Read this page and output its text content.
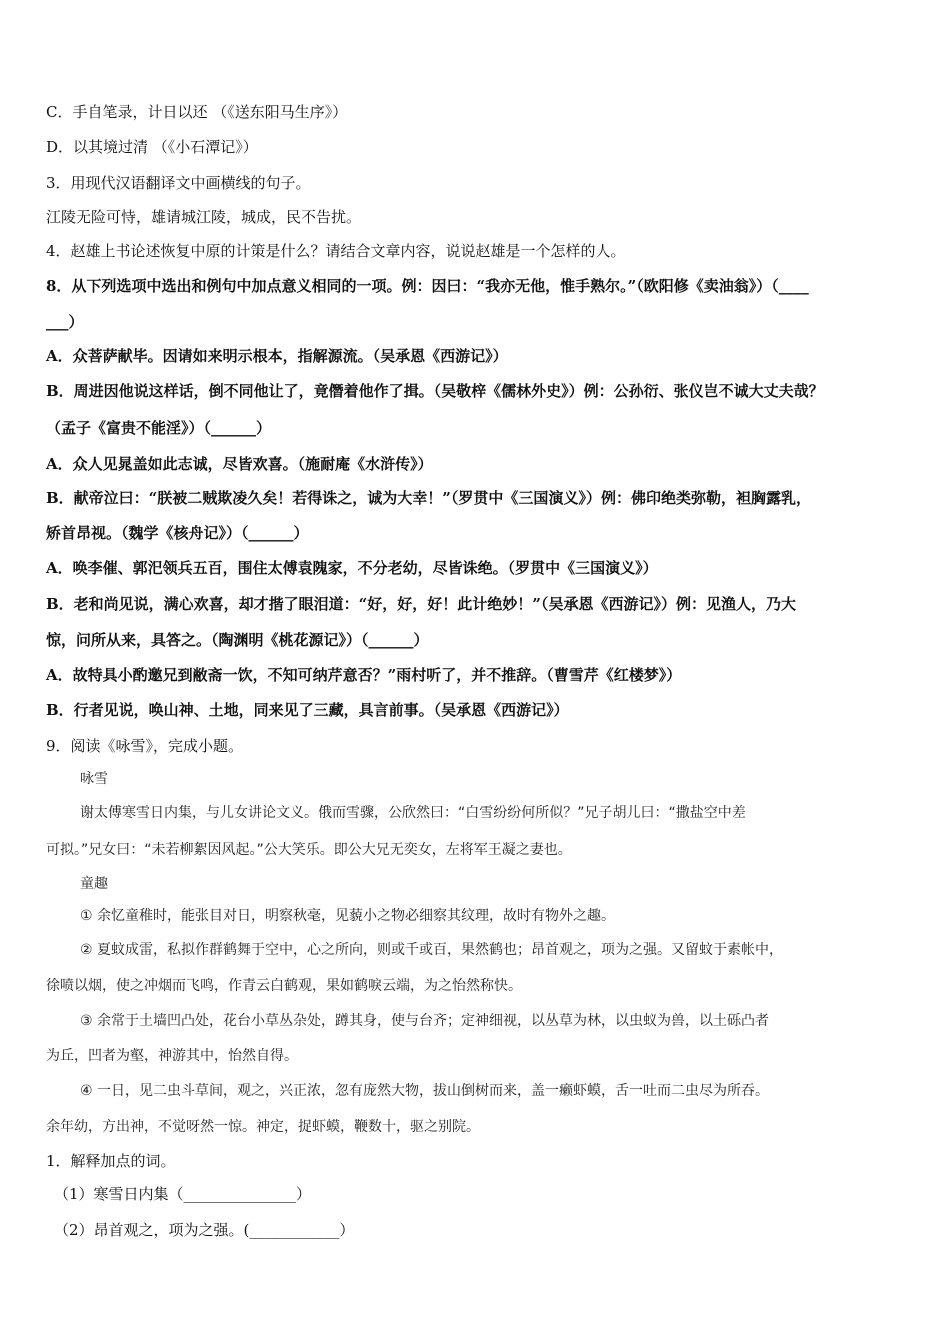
C．手自笔录，计日以还 （《送东阳马生序》）
D．以其境过清 （《小石潭记》）
3．用现代汉语翻译文中画横线的句子。
江陵无险可恃，雄请城江陵，城成，民不告扰。
4．赵雄上书论述恢复中原的计策是什么？请结合文章内容，说说赵雄是一个怎样的人。
8．从下列选项中选出和例句中加点意义相同的一项。例：因曰：“我亦无他，惟手熟尔。”（欧阳修《卖油翁》）（____
___）
A．众菩萨献毕。因请如来明示根本，指解源流。（吴承恩《西游记》）
B．周进因他说这样话，倒不同他让了，竟僭着他作了揖。（吴敬梓《儒林外史》）例：公孙衍、张仪岂不诚大丈夫哉？
（孟子《富贵不能淫》）（______）
A．众人见晁盖如此志诚，尽皆欢喜。（施耐庵《水浒传》）
B．献帝泣曰：“朕被二贼欺凌久矣！若得诛之，诚为大幸！”（罗贯中《三国演义》）例：佛印绝类弥勒，袒胸露乳，
矫首昂视。（魏学《核舟记》）（______）
A．唤李催、郭汜领兵五百，围住太傅袁隗家，不分老幼，尽皆诛绝。（罗贯中《三国演义》）
B．老和尚见说，满心欢喜，却才揩了眼泪道：“好，好，好！此计绝妙！”（吴承恩《西游记》）例：见渔人，乃大
惊，问所从来，具答之。（陶渊明《桃花源记》）（______）
A．故特具小酌邀兄到敝斋一饮，不知可纳芹意否？”雨村听了，并不推辞。（曹雪芹《红楼梦》）
B．行者见说，唤山神、土地，同来见了三藏，具言前事。（吴承恩《西游记》）
9．阅读《咏雪》，完成小题。
咏雪
谢太傅寒雪日内集，与儿女讲论文义。俄而雪骤，公欣然曰：“白雪纷纷何所似？”兄子胡儿曰：“撒盐空中差
可拟。”兄女曰：“未若柳絮因风起。”公大笑乐。即公大兄无奕女，左将军王凝之妻也。
童趣
① 余忆童稚时，能张目对日，明察秋毫，见藐小之物必细察其纹理，故时有物外之趣。
② 夏蚊成雷，私拟作群鹤舞于空中，心之所向，则或千或百，果然鹤也；昂首观之，项为之强。又留蚊于素帐中，
徐喷以烟，使之冲烟而飞鸣，作青云白鹤观，果如鹤唳云端，为之怡然称快。
③ 余常于土墙凹凸处，花台小草丛杂处，蹲其身，使与台齐；定神细视，以丛草为林，以虫蚁为兽，以土砾凸者
为丘，凹者为壑，神游其中，怡然自得。
④ 一日，见二虫斗草间，观之，兴正浓，忽有庞然大物，拔山倒树而来，盖一癞虾蟆，舌一吐而二虫尽为所吞。
余年幼，方出神，不觉呀然一惊。神定，捉虾蟆，鞭数十，驱之别院。
1．解释加点的词。
（1）寒雪日内集（_______________）
（2）昂首观之，项为之强。(____________）
